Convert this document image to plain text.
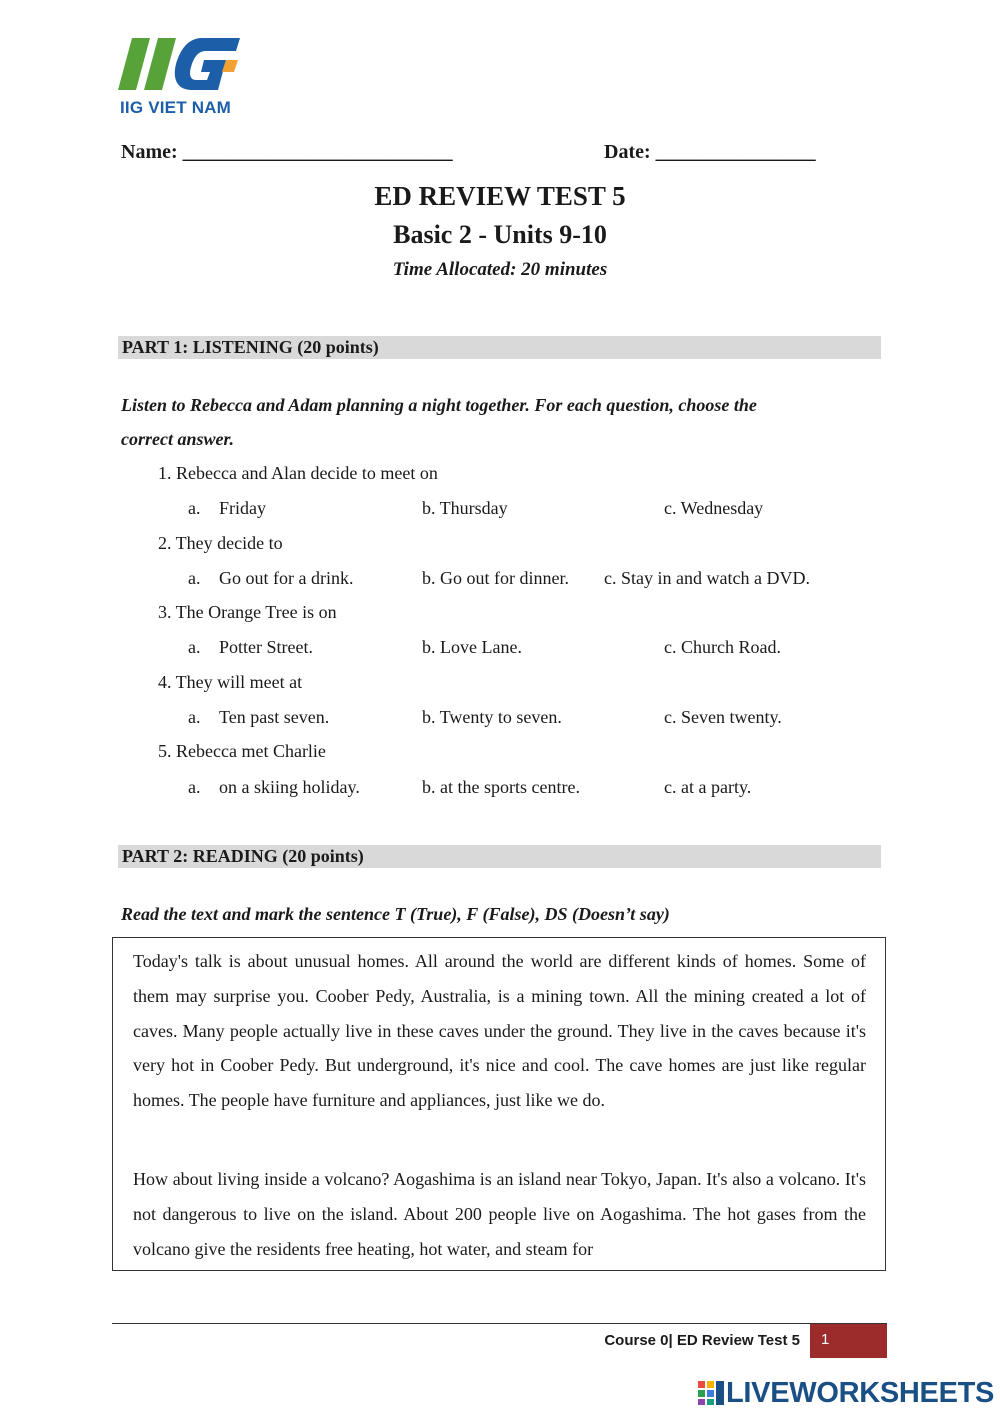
IIG VIET NAM
Name: ___________________________	Date: ________________
ED REVIEW TEST 5
Basic 2 - Units 9-10
Time Allocated: 20 minutes
PART 1: LISTENING (20 points)
Listen to Rebecca and Adam planning a night together. For each question, choose the
correct answer.
1. Rebecca and Alan decide to meet on
a. Friday	b. Thursday	c. Wednesday
2. They decide to
a. Go out for a drink.	b. Go out for dinner. c. Stay in and watch a DVD.
3. The Orange Tree is on
a. Potter Street.	b. Love Lane.	c. Church Road.
4. They will meet at
a. Ten past seven.	b. Twenty to seven.	c. Seven twenty.
5. Rebecca met Charlie
a. on a skiing holiday.	b. at the sports centre.	c. at a party.
PART 2: READING (20 points)
Read the text and mark the sentence T (True), F (False), DS (Doesn’t say)
Today's talk is about unusual homes. All around the world are different kinds of homes. Some of them may surprise you. Coober Pedy, Australia, is a mining town. All the mining created a lot of caves. Many people actually live in these caves under the ground. They live in the caves because it's very hot in Coober Pedy. But underground, it's nice and cool. The cave homes are just like regular homes. The people have furniture and appliances, just like we do.
How about living inside a volcano? Aogashima is an island near Tokyo, Japan. It's also a volcano. It's not dangerous to live on the island. About 200 people live on Aogashima. The hot gases from the volcano give the residents free heating, hot water, and steam for
Course 0| ED Review Test 5 1
LIVEWORKSHEETS
